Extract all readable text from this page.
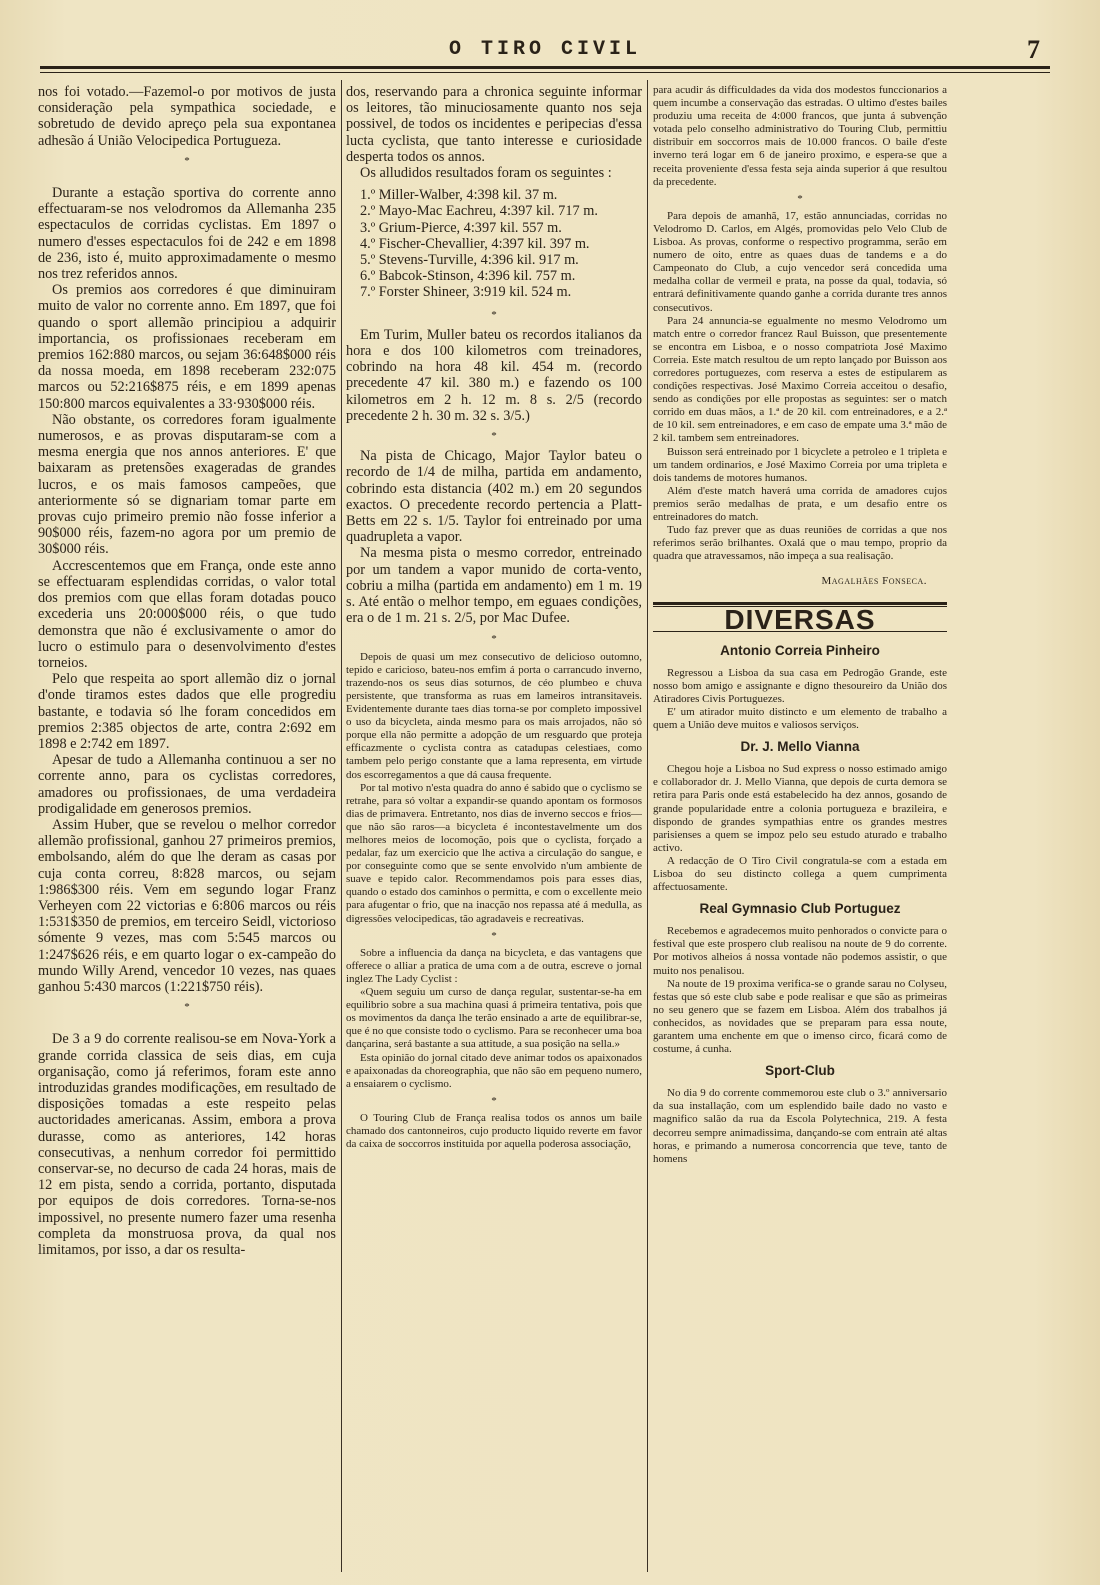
O TIRO CIVIL	7

nos foi votado.—Fazemol-o por motivos de justa consideração pela sympathica sociedade, e sobretudo de devido apreço pela sua expontanea adhesão á União Velocipedica Portugueza.

*

Durante a estação sportiva do corrente anno effectuaram-se nos velodromos da Allemanha 235 espectaculos de corridas cyclistas. Em 1897 o numero d'esses espectaculos foi de 242 e em 1898 de 236, isto é, muito approximadamente o mesmo nos trez referidos annos.

Os premios aos corredores é que diminuiram muito de valor no corrente anno. Em 1897, que foi quando o sport allemão principiou a adquirir importancia, os profissionaes receberam em premios 162:880 marcos, ou sejam 36:648$000 réis da nossa moeda, em 1898 receberam 232:075 marcos ou 52:216$875 réis, e em 1899 apenas 150:800 marcos equivalentes a 33·930$000 réis.

Não obstante, os corredores foram igualmente numerosos, e as provas disputaram-se com a mesma energia que nos annos anteriores. E' que baixaram as pretensões exageradas de grandes lucros, e os mais famosos campeões, que anteriormente só se dignariam tomar parte em provas cujo primeiro premio não fosse inferior a 90$000 réis, fazem-no agora por um premio de 30$000 réis.

Accrescentemos que em França, onde este anno se effectuaram esplendidas corridas, o valor total dos premios com que ellas foram dotadas pouco excederia uns 20:000$000 réis, o que tudo demonstra que não é exclusivamente o amor do lucro o estimulo para o desenvolvimento d'estes torneios.

Pelo que respeita ao sport allemão diz o jornal d'onde tiramos estes dados que elle progrediu bastante, e todavia só lhe foram concedidos em premios 2:385 objectos de arte, contra 2:692 em 1898 e 2:742 em 1897.

Apesar de tudo a Allemanha continuou a ser no corrente anno, para os cyclistas corredores, amadores ou profissionaes, de uma verdadeira prodigalidade em generosos premios.

Assim Huber, que se revelou o melhor corredor allemão profissional, ganhou 27 primeiros premios, embolsando, além do que lhe deram as casas por cuja conta correu, 8:828 marcos, ou sejam 1:986$300 réis. Vem em segundo logar Franz Verheyen com 22 victorias e 6:806 marcos ou réis 1:531$350 de premios, em terceiro Seidl, victorioso sómente 9 vezes, mas com 5:545 marcos ou 1:247$626 réis, e em quarto logar o ex-campeão do mundo Willy Arend, vencedor 10 vezes, nas quaes ganhou 5:430 marcos (1:221$750 réis).

*

De 3 a 9 do corrente realisou-se em Nova-York a grande corrida classica de seis dias, em cuja organisação, como já referimos, foram este anno introduzidas grandes modificações, em resultado de disposições tomadas a este respeito pelas auctoridades americanas. Assim, embora a prova durasse, como as anteriores, 142 horas consecutivas, a nenhum corredor foi permittido conservar-se, no decurso de cada 24 horas, mais de 12 em pista, sendo a corrida, portanto, disputada por equipos de dois corredores. Torna-se-nos impossivel, no presente numero fazer uma resenha completa da monstruosa prova, da qual nos limitamos, por isso, a dar os resulta-

dos, reservando para a chronica seguinte informar os leitores, tão minuciosamente quanto nos seja possivel, de todos os incidentes e peripecias d'essa lucta cyclista, que tanto interesse e curiosidade desperta todos os annos.

Os alludidos resultados foram os seguintes :

1.º Miller-Walber, 4:398 kil. 37 m.
2.º Mayo-Mac Eachreu, 4:397 kil. 717 m.
3.º Grium-Pierce, 4:397 kil. 557 m.
4.º Fischer-Chevallier, 4:397 kil. 397 m.
5.º Stevens-Turville, 4:396 kil. 917 m.
6.º Babcok-Stinson, 4:396 kil. 757 m.
7.º Forster Shineer, 3:919 kil. 524 m.
*

Em Turim, Muller bateu os recordos italianos da hora e dos 100 kilometros com treinadores, cobrindo na hora 48 kil. 454 m. (recordo precedente 47 kil. 380 m.) e fazendo os 100 kilometros em 2 h. 12 m. 8 s. 2/5 (recordo precedente 2 h. 30 m. 32 s. 3/5.)

*

Na pista de Chicago, Major Taylor bateu o recordo de 1/4 de milha, partida em andamento, cobrindo esta distancia (402 m.) em 20 segundos exactos. O precedente recordo pertencia a Platt-Betts em 22 s. 1/5. Taylor foi entreinado por uma quadrupleta a vapor.

Na mesma pista o mesmo corredor, entreinado por um tandem a vapor munido de corta-vento, cobriu a milha (partida em andamento) em 1 m. 19 s. Até então o melhor tempo, em eguaes condições, era o de 1 m. 21 s. 2/5, por Mac Dufee.

*

Depois de quasi um mez consecutivo de delicioso outomno, tepido e caricioso, bateu-nos emfim á porta o carrancudo inverno, trazendo-nos os seus dias soturnos, de céo plumbeo e chuva persistente, que transforma as ruas em lameiros intransitaveis. Evidentemente durante taes dias torna-se por completo impossivel o uso da bicycleta, ainda mesmo para os mais arrojados, não só porque ella não permitte a adopção de um resguardo que proteja efficazmente o cyclista contra as catadupas celestiaes, como tambem pelo perigo constante que a lama representa, em virtude dos escorregamentos a que dá causa frequente.

Por tal motivo n'esta quadra do anno é sabido que o cyclismo se retrahe, para só voltar a expandir-se quando apontam os formosos dias de primavera. Entretanto, nos dias de inverno seccos e frios—que não são raros—a bicycleta é incontestavelmente um dos melhores meios de locomoção, pois que o cyclista, forçado a pedalar, faz um exercicio que lhe activa a circulação do sangue, e por conseguinte como que se sente envolvido n'um ambiente de suave e tepido calor. Recommendamos pois para esses dias, quando o estado dos caminhos o permitta, e com o excellente meio para afugentar o frio, que na inacção nos repassa até á medulla, as digressões velocipedicas, tão agradaveis e recreativas.

*

Sobre a influencia da dança na bicycleta, e das vantagens que offerece o alliar a pratica de uma com a de outra, escreve o jornal inglez The Lady Cyclist :

«Quem seguiu um curso de dança regular, sustentar-se-ha em equilibrio sobre a sua machina quasi á primeira tentativa, pois que os movimentos da dança lhe terão ensinado a arte de equilibrar-se, que é no que consiste todo o cyclismo. Para se reconhecer uma boa dançarina, será bastante a sua attitude, a sua posição na sella.»

Esta opinião do jornal citado deve animar todos os apaixonados e apaixonadas da choreographia, que não são em pequeno numero, a ensaiarem o cyclismo.

*

O Touring Club de França realisa todos os annos um baile chamado dos cantonneiros, cujo producto liquido reverte em favor da caixa de soccorros instituida por aquella poderosa associação,

para acudir ás difficuldades da vida dos modestos funccionarios a quem incumbe a conservação das estradas. O ultimo d'estes bailes produziu uma receita de 4:000 francos, que junta á subvenção votada pelo conselho administrativo do Touring Club, permittiu distribuir em soccorros mais de 10.000 francos. O baile d'este inverno terá logar em 6 de janeiro proximo, e espera-se que a receita proveniente d'essa festa seja ainda superior á que resultou da precedente.

*

Para depois de amanhã, 17, estão annunciadas, corridas no Velodromo D. Carlos, em Algés, promovidas pelo Velo Club de Lisboa. As provas, conforme o respectivo programma, serão em numero de oito, entre as quaes duas de tandems e a do Campeonato do Club, a cujo vencedor será concedida uma medalha collar de vermeil e prata, na posse da qual, todavia, só entrará definitivamente quando ganhe a corrida durante tres annos consecutivos.

Para 24 annuncia-se egualmente no mesmo Velodromo um match entre o corredor francez Raul Buisson, que presentemente se encontra em Lisboa, e o nosso compatriota José Maximo Correia. Este match resultou de um repto lançado por Buisson aos corredores portuguezes, com reserva a estes de estipularem as condições respectivas. José Maximo Correia acceitou o desafio, sendo as condições por elle propostas as seguintes: ser o match corrido em duas mãos, a 1.ª de 20 kil. com entreinadores, e a 2.ª de 10 kil. sem entreinadores, e em caso de empate uma 3.ª mão de 2 kil. tambem sem entreinadores.

Buisson será entreinado por 1 bicyclete a petroleo e 1 tripleta e um tandem ordinarios, e José Maximo Correia por uma tripleta e dois tandems de motores humanos.

Além d'este match haverá uma corrida de amadores cujos premios serão medalhas de prata, e um desafio entre os entreinadores do match.

Tudo faz prever que as duas reuniões de corridas a que nos referimos serão brilhantes. Oxalá que o mau tempo, proprio da quadra que atravessamos, não impeça a sua realisação.

Magalhães Fonseca.
DIVERSAS
Antonio Correia Pinheiro

Regressou a Lisboa da sua casa em Pedrogão Grande, este nosso bom amigo e assignante e digno thesoureiro da União dos Atiradores Civis Portuguezes.

E' um atirador muito distincto e um elemento de trabalho a quem a União deve muitos e valiosos serviços.

Dr. J. Mello Vianna

Chegou hoje a Lisboa no Sud express o nosso estimado amigo e collaborador dr. J. Mello Vianna, que depois de curta demora se retira para Paris onde está estabelecido ha dez annos, gosando de grande popularidade entre a colonia portugueza e brazileira, e dispondo de grandes sympathias entre os grandes mestres parisienses a quem se impoz pelo seu estudo aturado e trabalho activo.

A redacção de O Tiro Civil congratula-se com a estada em Lisboa do seu distincto collega a quem cumprimenta affectuosamente.

Real Gymnasio Club Portuguez

Recebemos e agradecemos muito penhorados o convicte para o festival que este prospero club realisou na noute de 9 do corrente. Por motivos alheios á nossa vontade não podemos assistir, o que muito nos penalisou.

Na noute de 19 proxima verifica-se o grande sarau no Colyseu, festas que só este club sabe e pode realisar e que são as primeiras no seu genero que se fazem em Lisboa. Além dos trabalhos já conhecidos, as novidades que se preparam para essa noute, garantem uma enchente em que o imenso circo, ficará como de costume, á cunha.

Sport-Club

No dia 9 do corrente commemorou este club o 3.º anniversario da sua installação, com um esplendido baile dado no vasto e magnifico salão da rua da Escola Polytechnica, 219. A festa decorreu sempre animadissima, dançando-se com entrain até altas horas, e primando a numerosa concorrencia que teve, tanto de homens
